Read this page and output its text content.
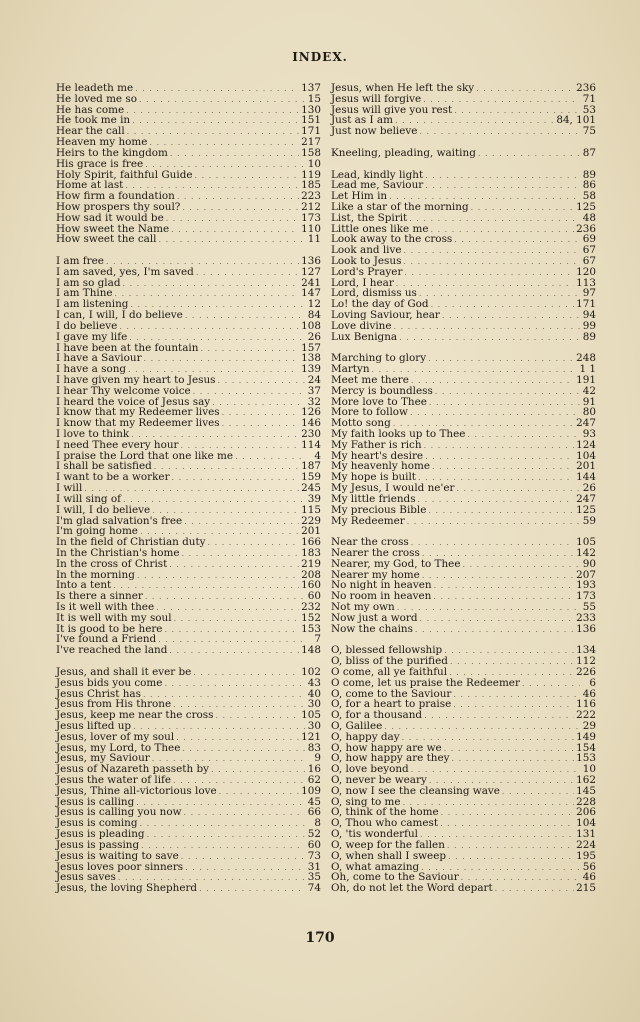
INDEX.
He leadeth me . . .	137
He loved me so . . .	15
He has come . . .	130
He took me in . . .	151
Hear the call . . .	171
Heaven my home . . .	217
Heirs to the kingdom . . .	158
His grace is free . . .	10
Holy Spirit, faithful Guide . . .	119
Home at last . . .	185
How firm a foundation . . .	223
How prospers thy soul? . . .	212
How sad it would be . . .	173
How sweet the Name . . .	110
How sweet the call . . .	11
I am free . . .	136
I am saved, yes, I'm saved . . .	127
I am so glad . . .	241
I am Thine . . .	147
I am listening . . .	12
I can, I will, I do believe . . .	84
I do believe . . .	108
I gave my life . . .	26
I have been at the fountain . . .	157
I have a Saviour . . .	138
I have a song . . .	139
I have given my heart to Jesus . . .	24
I hear Thy welcome voice . . .	37
I heard the voice of Jesus say . . .	32
I know that my Redeemer lives . . .	126
I know that my Redeemer lives . . .	146
I love to think . . .	230
I need Thee every hour . . .	114
I praise the Lord that one like me . . .	4
I shall be satisfied . . .	187
I want to be a worker . . .	159
I will . . .	245
I will sing of . . .	39
I will, I do believe . . .	115
I'm glad salvation's free . . .	229
I'm going home . . .	201
In the field of Christian duty . . .	166
In the Christian's home . . .	183
In the cross of Christ . . .	219
In the morning . . .	208
Into a tent . . .	160
Is there a sinner . . .	60
Is it well with thee . . .	232
It is well with my soul . . .	152
It is good to be here . . .	153
I've found a Friend . . .	7
I've reached the land . . .	148
Jesus, and shall it ever be . . .	102
Jesus bids you come . . .	43
Jesus Christ has . . .	40
Jesus from His throne . . .	30
Jesus, keep me near the cross . . .	105
Jesus lifted up . . .	30
Jesus, lover of my soul . . .	121
Jesus, my Lord, to Thee . . .	83
Jesus, my Saviour . . .	9
Jesus of Nazareth passeth by . . .	16
Jesus the water of life . . .	62
Jesus, Thine all-victorious love . . .	109
Jesus is calling . . .	45
Jesus is calling you now . . .	66
Jesus is coming . . .	8
Jesus is pleading . . .	52
Jesus is passing . . .	60
Jesus is waiting to save . . .	73
Jesus loves poor sinners . . .	31
Jesus saves . . .	35
Jesus, the loving Shepherd . . .	74
Jesus, when He left the sky . . .	236
Jesus will forgive . . .	71
Jesus will give you rest . . .	53
Just as I am . . .	84, 101
Just now believe . . .	75
Kneeling, pleading, waiting . . .	87
Lead, kindly light . . .	89
Lead me, Saviour . . .	86
Let Him in . . .	58
Like a star of the morning . . .	125
List, the Spirit . . .	48
Little ones like me . . .	236
Look away to the cross . . .	69
Look and live . . .	67
Look to Jesus . . .	67
Lord's Prayer . . .	120
Lord, I hear . . .	113
Lord, dismiss us . . .	97
Lo! the day of God . . .	171
Loving Saviour, hear . . .	94
Love divine . . .	99
Lux Benigna . . .	89
Marching to glory . . .	248
Martyn . . .	1 1
Meet me there . . .	191
Mercy is boundless . . .	42
More love to Thee . . .	91
More to follow . . .	80
Motto song . . .	247
My faith looks up to Thee . . .	93
My Father is rich . . .	124
My heart's desire . . .	104
My heavenly home . . .	201
My hope is built . . .	144
My Jesus, I would ne'er . . .	26
My little friends . . .	247
My precious Bible . . .	125
My Redeemer . . .	59
Near the cross . . .	105
Nearer the cross . . .	142
Nearer, my God, to Thee . . .	90
Nearer my home . . .	207
No night in heaven . . .	193
No room in heaven . . .	173
Not my own . . .	55
Now just a word . . .	233
Now the chains . . .	136
O, blessed fellowship . . .	134
O, bliss of the purified . . .	112
O come, all ye faithful . . .	226
O come, let us praise the Redeemer . . .	6
O, come to the Saviour . . .	46
O, for a heart to praise . . .	116
O, for a thousand . . .	222
O, Galilee . . .	29
O, happy day . . .	149
O, how happy are we . . .	154
O, how happy are they . . .	153
O, love beyond . . .	10
O, never be weary . . .	162
O, now I see the cleansing wave . . .	145
O, sing to me . . .	228
O, think of the home . . .	206
O, Thou who camest . . .	104
O, 'tis wonderful . . .	131
O, weep for the fallen . . .	224
O, when shall I sweep . . .	195
O, what amazing . . .	56
Oh, come to the Saviour . . .	46
Oh, do not let the Word depart . . .	215
170
